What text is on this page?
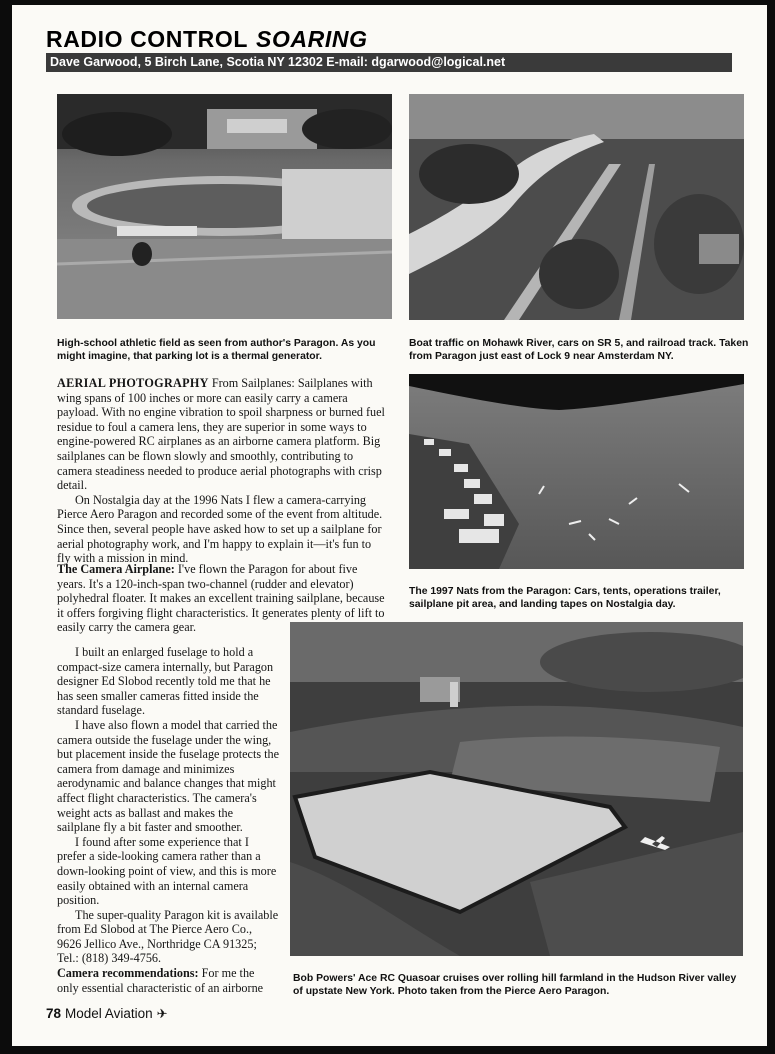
RADIO CONTROL SOARING
Dave Garwood, 5 Birch Lane, Scotia NY 12302 E-mail: dgarwood@logical.net
High-school athletic field as seen from author's Paragon. As you might imagine, that parking lot is a thermal generator.
Boat traffic on Mohawk River, cars on SR 5, and railroad track. Taken from Paragon just east of Lock 9 near Amsterdam NY.
The 1997 Nats from the Paragon: Cars, tents, operations trailer, sailplane pit area, and landing tapes on Nostalgia day.
Bob Powers' Ace RC Quasoar cruises over rolling hill farmland in the Hudson River valley of upstate New York. Photo taken from the Pierce Aero Paragon.

AERIAL PHOTOGRAPHY From Sailplanes: Sailplanes with wing spans of 100 inches or more can easily carry a camera payload. With no engine vibration to spoil sharpness or burned fuel residue to foul a camera lens, they are superior in some ways to engine-powered RC airplanes as an airborne camera platform. Big sailplanes can be flown slowly and smoothly, contributing to camera steadiness needed to produce aerial photographs with crisp detail.

On Nostalgia day at the 1996 Nats I flew a camera-carrying Pierce Aero Paragon and recorded some of the event from altitude. Since then, several people have asked how to set up a sailplane for aerial photography work, and I'm happy to explain it—it's fun to fly with a mission in mind.

The Camera Airplane: I've flown the Paragon for about five years. It's a 120-inch-span two-channel (rudder and elevator) polyhedral floater. It makes an excellent training sailplane, because it offers forgiving flight characteristics. It generates plenty of lift to easily carry the camera gear.

I built an enlarged fuselage to hold a compact-size camera internally, but Paragon designer Ed Slobod recently told me that he has seen smaller cameras fitted inside the standard fuselage.

I have also flown a model that carried the camera outside the fuselage under the wing, but placement inside the fuselage protects the camera from damage and minimizes aerodynamic and balance changes that might affect flight characteristics. The camera's weight acts as ballast and makes the sailplane fly a bit faster and smoother.

I found after some experience that I prefer a side-looking camera rather than a down-looking point of view, and this is more easily obtained with an internal camera position.

The super-quality Paragon kit is available from Ed Slobod at The Pierce Aero Co., 9626 Jellico Ave., Northridge CA 91325; Tel.: (818) 349-4756.

Camera recommendations: For me the only essential characteristic of an airborne

78 Model Aviation ✈
